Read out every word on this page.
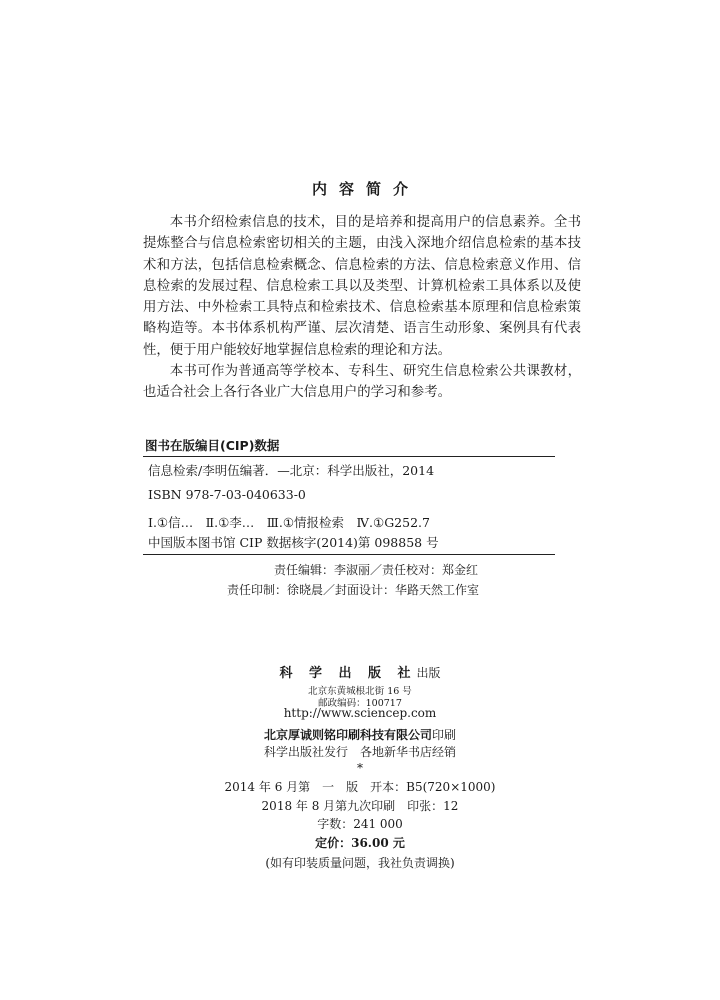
内容简介

本书介绍检索信息的技术，目的是培养和提高用户的信息素养。全书提炼整合与信息检索密切相关的主题，由浅入深地介绍信息检索的基本技术和方法，包括信息检索概念、信息检索的方法、信息检索意义作用、信息检索的发展过程、信息检索工具以及类型、计算机检索工具体系以及使用方法、中外检索工具特点和检索技术、信息检索基本原理和信息检索策略构造等。本书体系机构严谨、层次清楚、语言生动形象、案例具有代表性，便于用户能较好地掌握信息检索的理论和方法。

本书可作为普通高等学校本、专科生、研究生信息检索公共课教材，也适合社会上各行各业广大信息用户的学习和参考。

图书在版编目(CIP)数据
信息检索/李明伍编著．—北京：科学出版社，2014
ISBN 978-7-03-040633-0
Ⅰ.①信…　Ⅱ.①李…　Ⅲ.①情报检索　Ⅳ.①G252.7
中国版本图书馆 CIP 数据核字(2014)第 098858 号
责任编辑：李淑丽／责任校对：郑金红
责任印制：徐晓晨／封面设计：华路天然工作室
科 学 出 版 社出版
北京东黄城根北街 16 号
邮政编码：100717
http://www.sciencep.com
北京厚诚则铭印刷科技有限公司印刷
科学出版社发行　各地新华书店经销
*
2014 年 6 月第　一　版　开本：B5(720×1000)
2018 年 8 月第九次印刷　印张：12
字数：241 000
定价：36.00 元
(如有印装质量问题，我社负责调换)
